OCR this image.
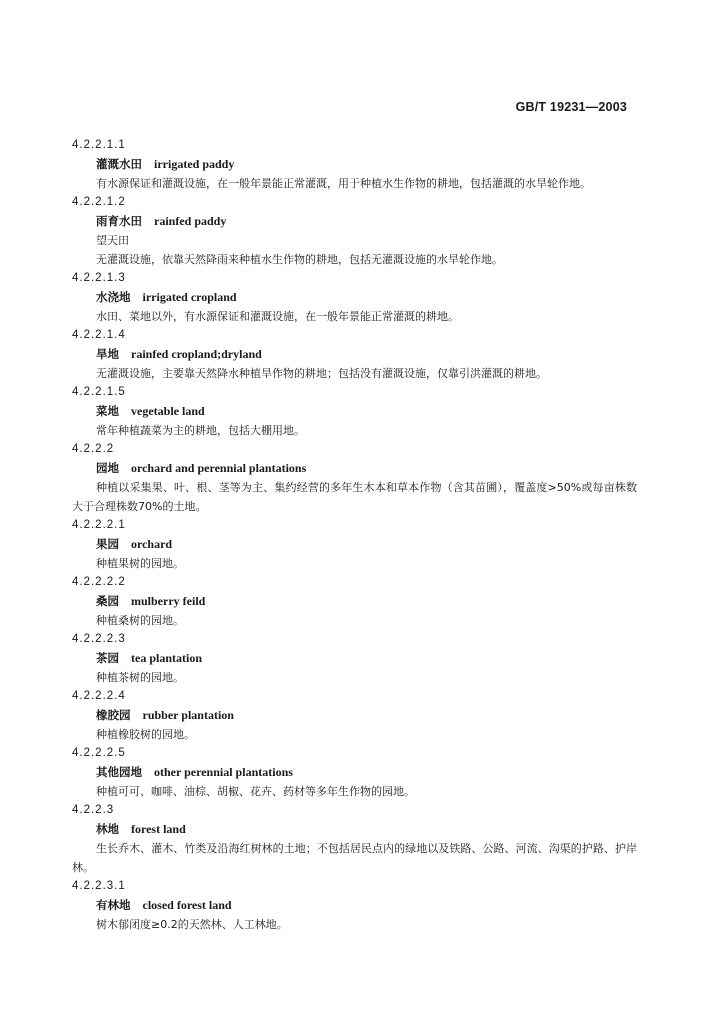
GB/T 19231—2003
4.2.2.1.1
灌溉水田 irrigated paddy
有水源保证和灌溉设施，在一般年景能正常灌溉，用于种植水生作物的耕地，包括灌溉的水旱轮作地。
4.2.2.1.2
雨育水田 rainfed paddy
望天田
无灌溉设施，依靠天然降雨来种植水生作物的耕地，包括无灌溉设施的水旱轮作地。
4.2.2.1.3
水浇地 irrigated cropland
水田、菜地以外，有水源保证和灌溉设施，在一般年景能正常灌溉的耕地。
4.2.2.1.4
旱地 rainfed cropland;dryland
无灌溉设施，主要靠天然降水种植旱作物的耕地；包括没有灌溉设施，仅靠引洪灌溉的耕地。
4.2.2.1.5
菜地 vegetable land
常年种植蔬菜为主的耕地，包括大棚用地。
4.2.2.2
园地 orchard and perennial plantations
种植以采集果、叶、根、茎等为主、集约经营的多年生木本和草本作物（含其苗圃），覆盖度>50%或每亩株数大于合理株数70%的土地。
4.2.2.2.1
果园 orchard
种植果树的园地。
4.2.2.2.2
桑园 mulberry feild
种植桑树的园地。
4.2.2.2.3
茶园 tea plantation
种植茶树的园地。
4.2.2.2.4
橡胶园 rubber plantation
种植橡胶树的园地。
4.2.2.2.5
其他园地 other perennial plantations
种植可可、咖啡、油棕、胡椒、花卉、药材等多年生作物的园地。
4.2.2.3
林地 forest land
生长乔木、灌木、竹类及沿海红树林的土地；不包括居民点内的绿地以及铁路、公路、河流、沟渠的护路、护岸林。
4.2.2.3.1
有林地 closed forest land
树木郁闭度≥0.2的天然林、人工林地。
